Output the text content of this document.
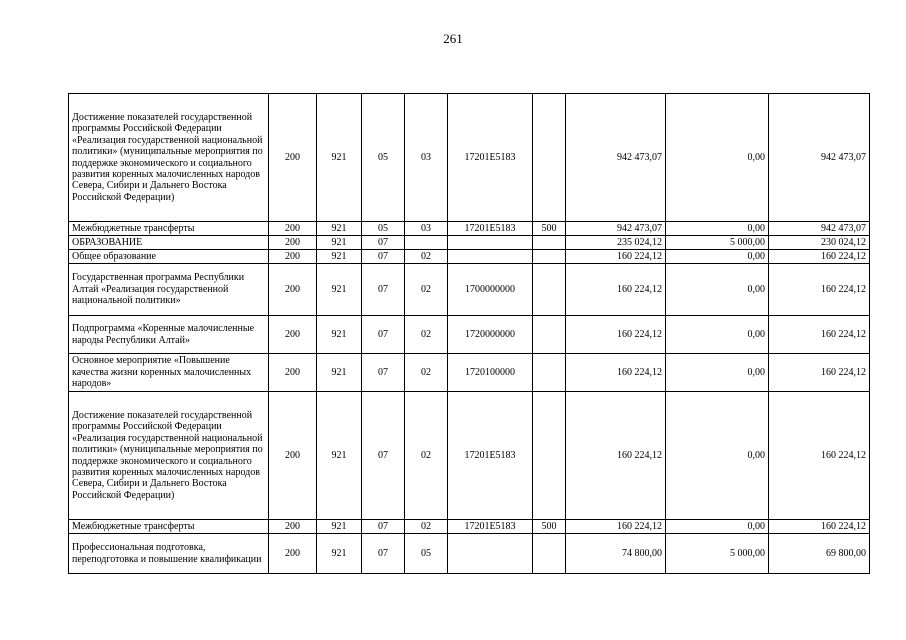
261
Достижение показателей государственной программы Российской Федерации «Реализация государственной национальной политики» (муниципальные мероприятия по поддержке экономического и социального развития коренных малочисленных народов Севера, Сибири и Дальнего Востока Российской Федерации)	200	921	05	03	17201E5183		942 473,07	0,00	942 473,07
Межбюджетные трансферты	200	921	05	03	17201E5183	500	942 473,07	0,00	942 473,07
ОБРАЗОВАНИЕ	200	921	07				235 024,12	5 000,00	230 024,12
Общее образование	200	921	07	02			160 224,12	0,00	160 224,12
Государственная программа Республики Алтай «Реализация государственной национальной политики»	200	921	07	02	1700000000		160 224,12	0,00	160 224,12
Подпрограмма «Коренные малочисленные народы Республики Алтай»	200	921	07	02	1720000000		160 224,12	0,00	160 224,12
Основное мероприятие «Повышение качества жизни коренных малочисленных народов»	200	921	07	02	1720100000		160 224,12	0,00	160 224,12
Достижение показателей государственной программы Российской Федерации «Реализация государственной национальной политики» (муниципальные мероприятия по поддержке экономического и социального развития коренных малочисленных народов Севера, Сибири и Дальнего Востока Российской Федерации)	200	921	07	02	17201E5183		160 224,12	0,00	160 224,12
Межбюджетные трансферты	200	921	07	02	17201E5183	500	160 224,12	0,00	160 224,12
Профессиональная подготовка, переподготовка и повышение квалификации	200	921	07	05			74 800,00	5 000,00	69 800,00
